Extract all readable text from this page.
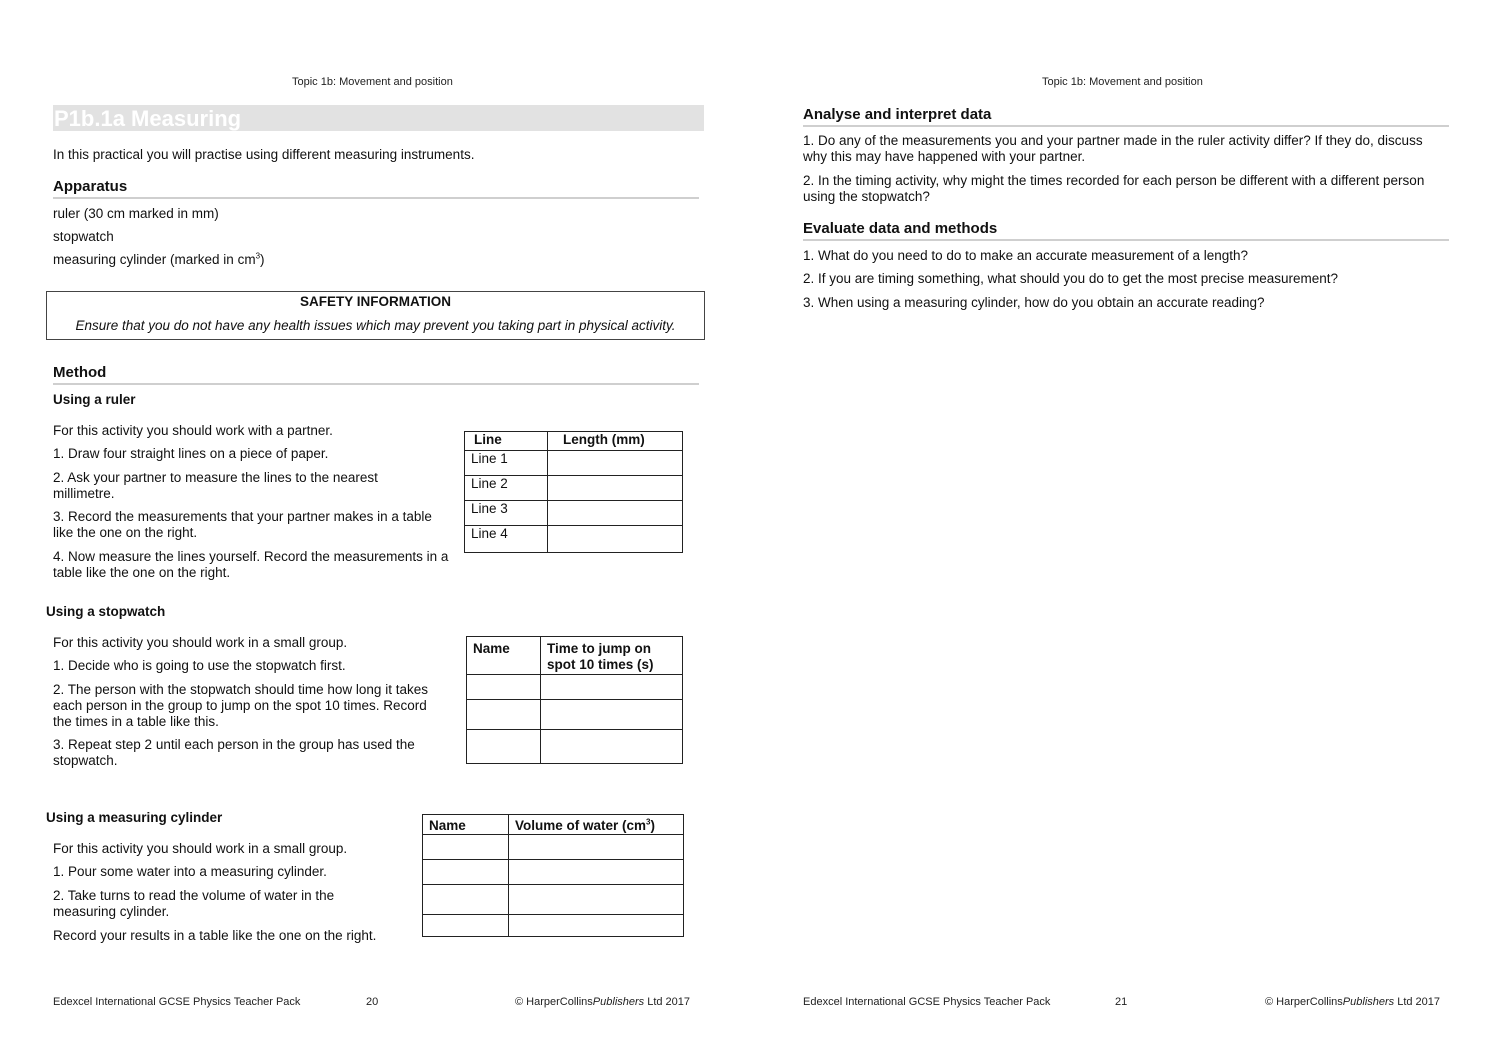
Topic 1b: Movement and position
P1b.1a Measuring
In this practical you will practise using different measuring instruments.
Apparatus
ruler (30 cm marked in mm)
stopwatch
measuring cylinder (marked in $cm^3$)
SAFETY INFORMATION
Ensure that you do not have any health issues which may prevent you taking part in physical activity.
Method
Using a ruler
For this activity you should work with a partner.
1. Draw four straight lines on a piece of paper.
2. Ask your partner to measure the lines to the nearest millimetre.
3. Record the measurements that your partner makes in a table like the one on the right.
4. Now measure the lines yourself. Record the measurements in a table like the one on the right.
Line	Length (mm)
Line 1	
Line 2	
Line 3	
Line 4	
Using a stopwatch
For this activity you should work in a small group.
1. Decide who is going to use the stopwatch first.
2. The person with the stopwatch should time how long it takes each person in the group to jump on the spot 10 times. Record the times in a table like this.
3. Repeat step 2 until each person in the group has used the stopwatch.
Name	Time to jump on spot 10 times (s)

Using a measuring cylinder
For this activity you should work in a small group.
1. Pour some water into a measuring cylinder.
2. Take turns to read the volume of water in the measuring cylinder.
Record your results in a table like the one on the right.
Name	Volume of water $(cm^3)$

Edexcel International GCSE Physics Teacher Pack	20	© HarperCollinsPublishers Ltd 2017
Topic 1b: Movement and position
Analyse and interpret data
1. Do any of the measurements you and your partner made in the ruler activity differ? If they do, discuss why this may have happened with your partner.
2. In the timing activity, why might the times recorded for each person be different with a different person using the stopwatch?
Evaluate data and methods
1. What do you need to do to make an accurate measurement of a length?
2. If you are timing something, what should you do to get the most precise measurement?
3. When using a measuring cylinder, how do you obtain an accurate reading?
Edexcel International GCSE Physics Teacher Pack	21	© HarperCollinsPublishers Ltd 2017
